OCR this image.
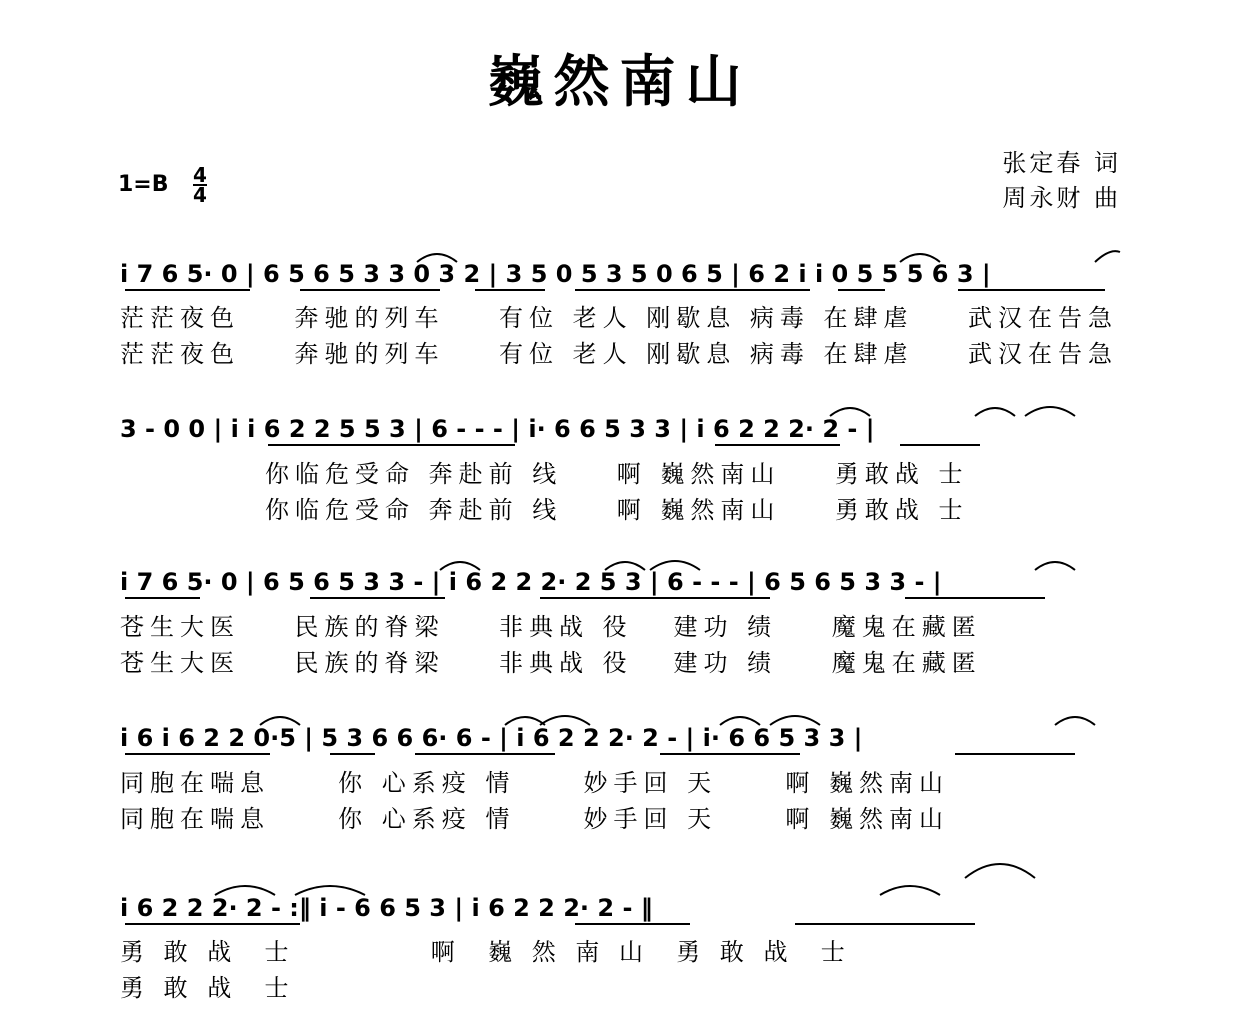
巍然南山
张定春 词
周永财 曲
1=B 4
4
i 7 6 5· 0 | 6 5 6 5 3 3 0 3 2 | 3 5 0 5 3 5 0 6 5 | 6 2 i i 0 5 5 5 6 3 |
3 - 0 0 | i i 6 2 2 5 5 3 | 6 - - - | i· 6 6 5 3 3 | i 6 2 2 2· 2 - |
i 7 6 5· 0 | 6 5 6 5 3 3 - | i 6 2 2 2· 2 5 3 | 6 - - - | 6 5 6 5 3 3 - |
i 6 i 6 2 2 0·5 | 5 3 6 6 6· 6 - | i 6 2 2 2· 2 - | i· 6 6 5 3 3 |
i 6 2 2 2· 2 - :‖ i - 6 6 5 3 | i 6 2 2 2· 2 - ‖
茫茫夜色    奔驰的列车    有位 老人 刚歇息 病毒 在肆虐    武汉在告急
茫茫夜色    奔驰的列车    有位 老人 刚歇息 病毒 在肆虐    武汉在告急
你临危受命 奔赴前 线    啊 巍然南山    勇敢战 士
你临危受命 奔赴前 线    啊 巍然南山    勇敢战 士
苍生大医    民族的脊梁    非典战 役   建功 绩    魔鬼在藏匿
苍生大医    民族的脊梁    非典战 役   建功 绩    魔鬼在藏匿
同胞在喘息     你 心系疫 情     妙手回 天     啊 巍然南山
同胞在喘息     你 心系疫 情     妙手回 天     啊 巍然南山
勇 敢 战  士          啊  巍 然 南 山  勇 敢 战  士
勇 敢 战  士
